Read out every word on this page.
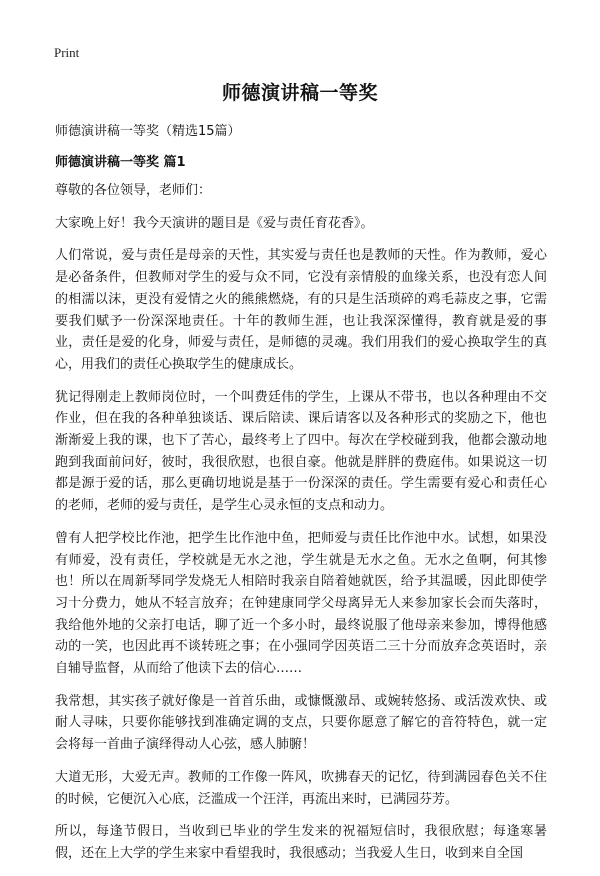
Print
师德演讲稿一等奖
师德演讲稿一等奖（精选15篇）
师德演讲稿一等奖 篇1

尊敬的各位领导，老师们：

大家晚上好！我今天演讲的题目是《爱与责任育花香》。

人们常说，爱与责任是母亲的天性，其实爱与责任也是教师的天性。作为教师，爱心是必备条件，但教师对学生的爱与众不同，它没有亲情般的血缘关系，也没有恋人间的相濡以沫，更没有爱情之火的熊熊燃烧，有的只是生活琐碎的鸡毛蒜皮之事，它需要我们赋予一份深深地责任。十年的教师生涯，也让我深深懂得，教育就是爱的事业，责任是爱的化身，师爱与责任，是师德的灵魂。我们用我们的爱心换取学生的真心，用我们的责任心换取学生的健康成长。

犹记得刚走上教师岗位时，一个叫费廷伟的学生，上课从不带书，也以各种理由不交作业，但在我的各种单独谈话、课后陪读、课后请客以及各种形式的奖励之下，他也渐渐爱上我的课，也下了苦心，最终考上了四中。每次在学校碰到我，他都会激动地跑到我面前问好，彼时，我很欣慰，也很自豪。他就是胖胖的费庭伟。如果说这一切都是源于爱的话，那么更确切地说是基于一份深深的责任。学生需要有爱心和责任心的老师，老师的爱与责任，是学生心灵永恒的支点和动力。

曾有人把学校比作池，把学生比作池中鱼，把师爱与责任比作池中水。试想，如果没有师爱，没有责任，学校就是无水之池，学生就是无水之鱼。无水之鱼啊，何其惨也！所以在周新琴同学发烧无人相陪时我亲自陪着她就医，给予其温暖，因此即使学习十分费力，她从不轻言放弃；在钟建康同学父母离异无人来参加家长会而失落时，我给他外地的父亲打电话，聊了近一个多小时，最终说服了他母亲来参加，博得他感动的一笑，也因此再不谈转班之事；在小强同学因英语二三十分而放弃念英语时，亲自辅导监督，从而给了他读下去的信心……

我常想，其实孩子就好像是一首首乐曲，或慷慨激昂、或婉转悠扬、或活泼欢快、或耐人寻味，只要你能够找到准确定调的支点，只要你愿意了解它的音符特色，就一定会将每一首曲子演绎得动人心弦，感人肺腑！

大道无形，大爱无声。教师的工作像一阵风，吹拂春天的记忆，待到满园春色关不住的时候，它便沉入心底，泛滥成一个汪洋，再流出来时，已满园芬芳。

所以，每逢节假日，当收到已毕业的学生发来的祝福短信时，我很欣慰；每逢寒暑假，还在上大学的学生来家中看望我时，我很感动；当我爱人生日，收到来自全国
